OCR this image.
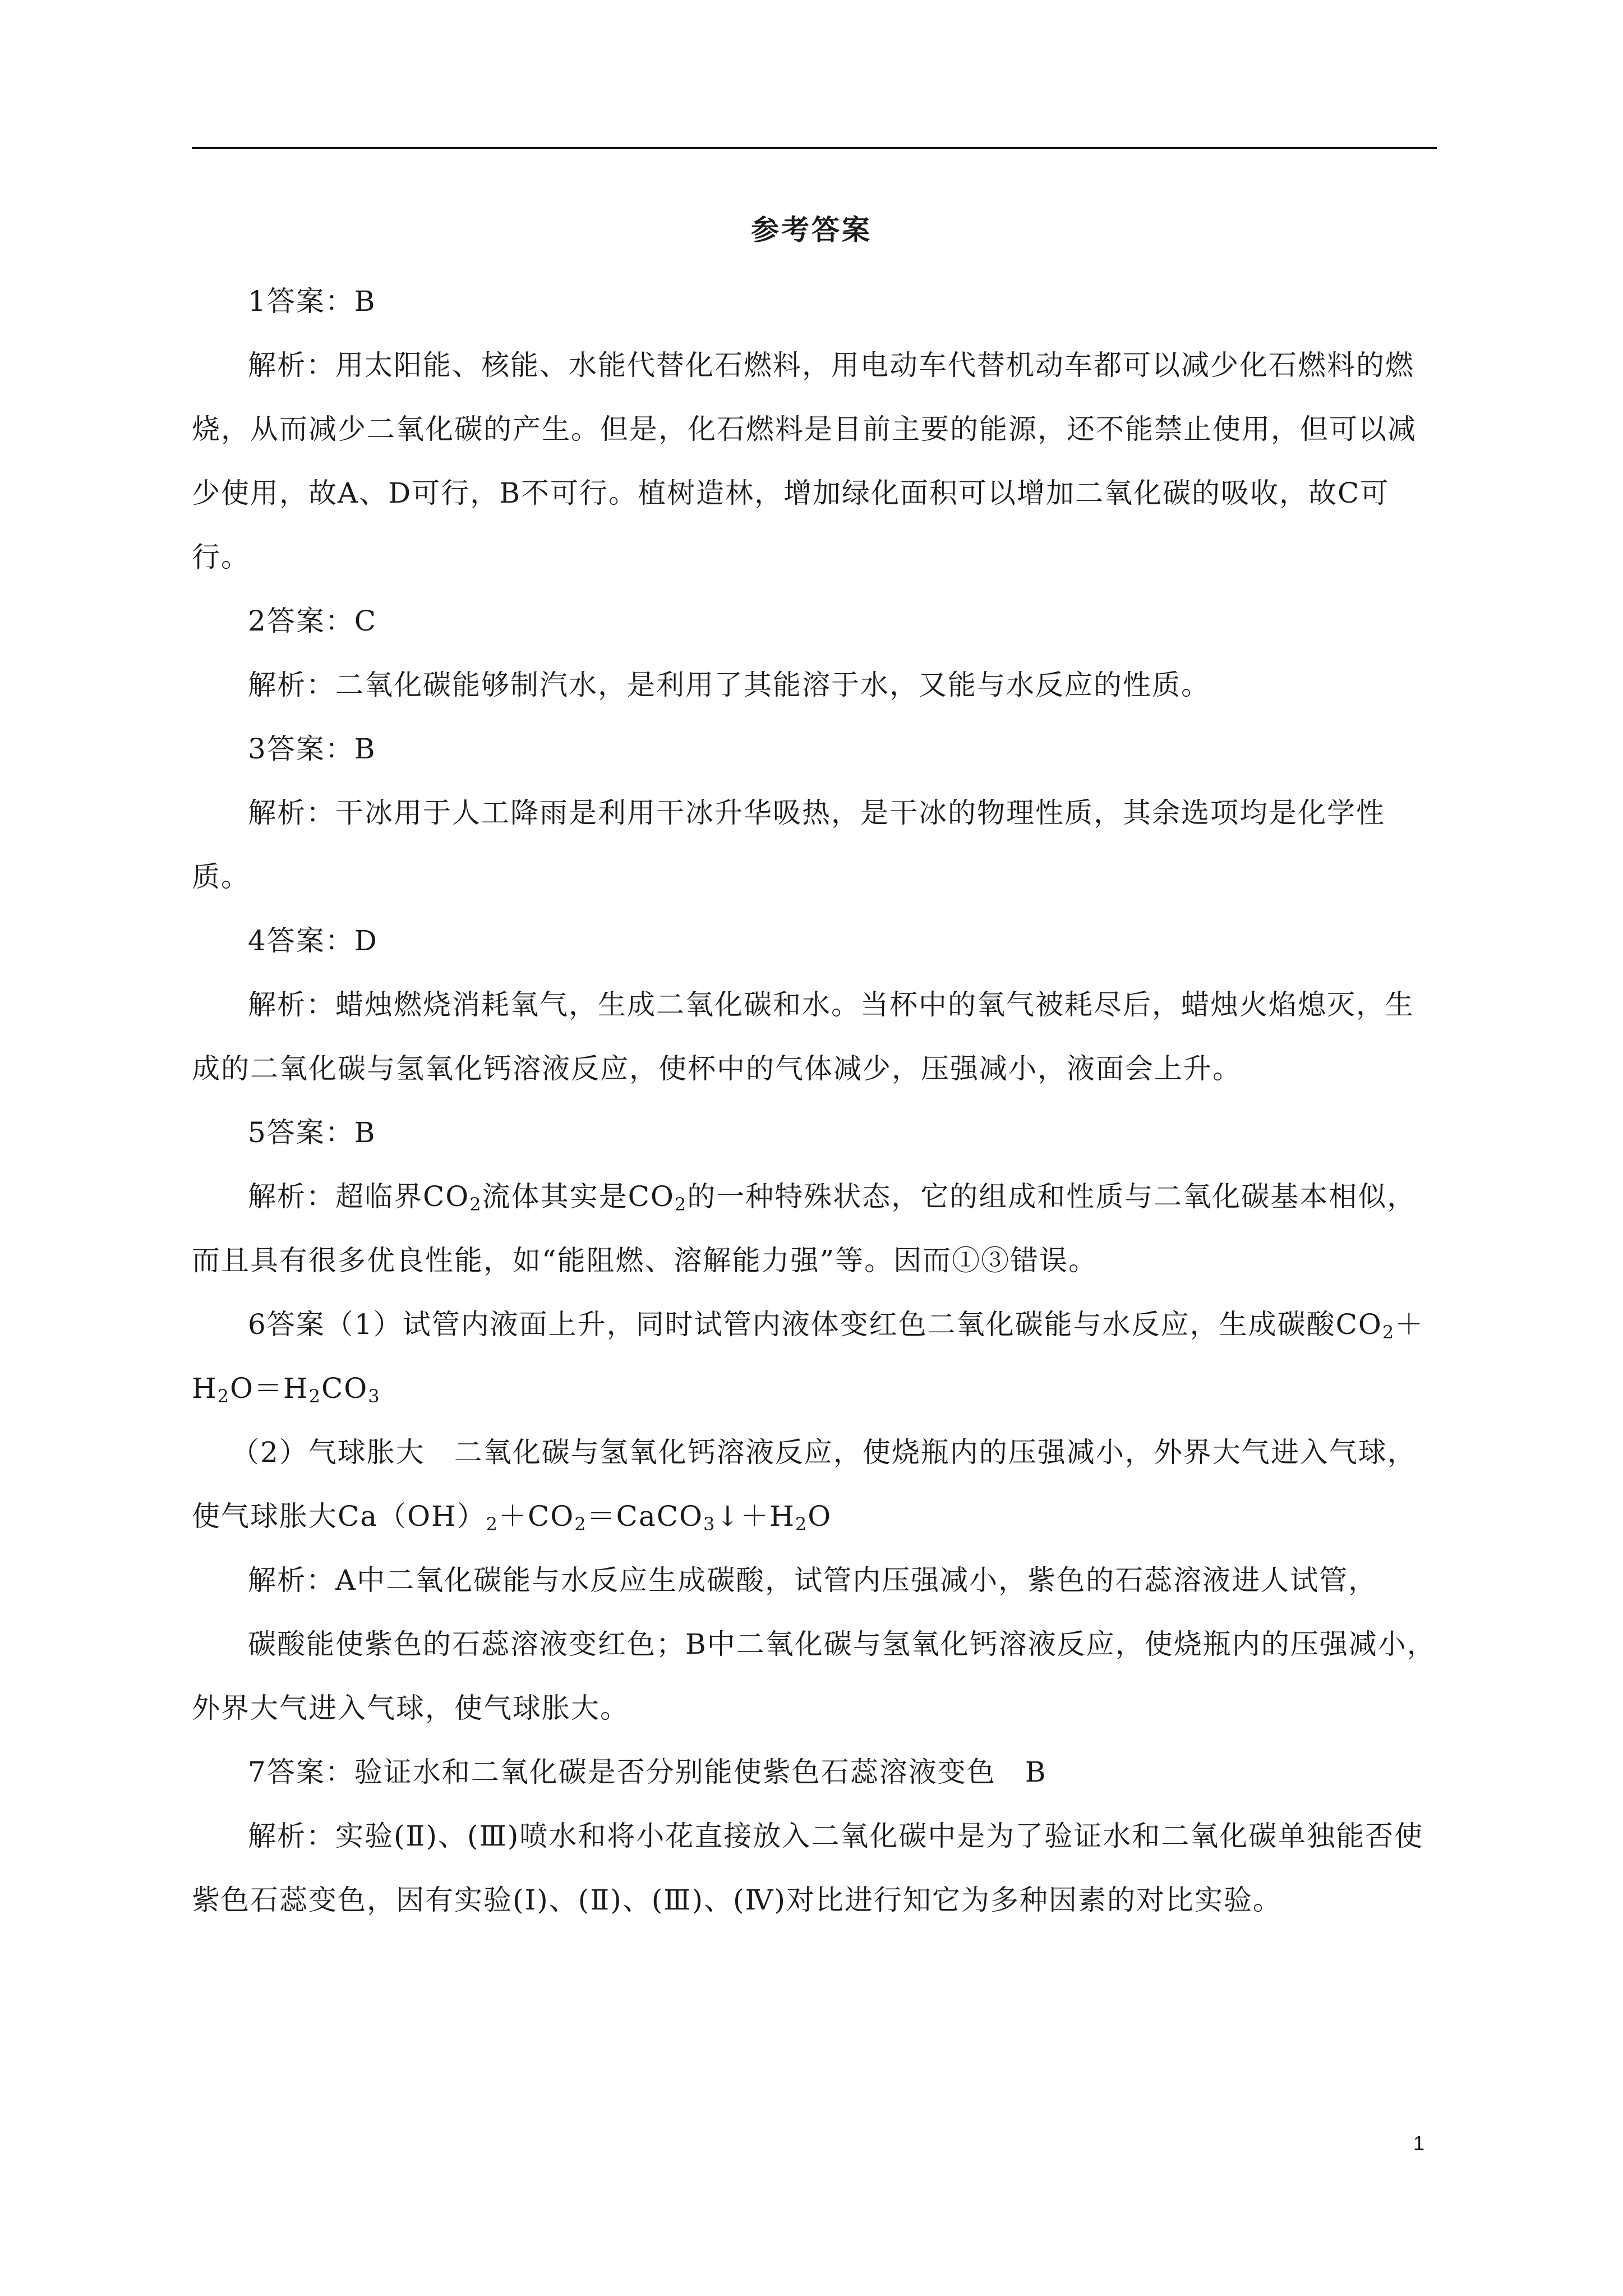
参考答案

1答案：B

解析：用太阳能、核能、水能代替化石燃料，用电动车代替机动车都可以减少化石燃料的燃烧，从而减少二氧化碳的产生。但是，化石燃料是目前主要的能源，还不能禁止使用，但可以减少使用，故A、D可行，B不可行。植树造林，增加绿化面积可以增加二氧化碳的吸收，故C可行。

2答案：C

解析：二氧化碳能够制汽水，是利用了其能溶于水，又能与水反应的性质。

3答案：B

解析：干冰用于人工降雨是利用干冰升华吸热，是干冰的物理性质，其余选项均是化学性质。

4答案：D

解析：蜡烛燃烧消耗氧气，生成二氧化碳和水。当杯中的氧气被耗尽后，蜡烛火焰熄灭，生成的二氧化碳与氢氧化钙溶液反应，使杯中的气体减少，压强减小，液面会上升。

5答案：B

解析：超临界$CO_2$流体其实是$CO_2$的一种特殊状态，它的组成和性质与二氧化碳基本相似，而且具有很多优良性能，如“能阻燃、溶解能力强”等。因而①③错误。

6答案（1）试管内液面上升，同时试管内液体变红色二氧化碳能与水反应，生成碳酸$CO_2+H_2O=H_2CO_3$

（2）气球胀大　二氧化碳与氢氧化钙溶液反应，使烧瓶内的压强减小，外界大气进入气球，使气球胀大$Ca(OH)_2+CO_2=CaCO_3↓+H_2O$

解析：A中二氧化碳能与水反应生成碳酸，试管内压强减小，紫色的石蕊溶液进人试管，

碳酸能使紫色的石蕊溶液变红色；B中二氧化碳与氢氧化钙溶液反应，使烧瓶内的压强减小，外界大气进入气球，使气球胀大。

7答案：验证水和二氧化碳是否分别能使紫色石蕊溶液变色　B

解析：实验(Ⅱ)、(Ⅲ)喷水和将小花直接放入二氧化碳中是为了验证水和二氧化碳单独能否使紫色石蕊变色，因有实验(Ⅰ)、(Ⅱ)、(Ⅲ)、(Ⅳ)对比进行知它为多种因素的对比实验。

1
